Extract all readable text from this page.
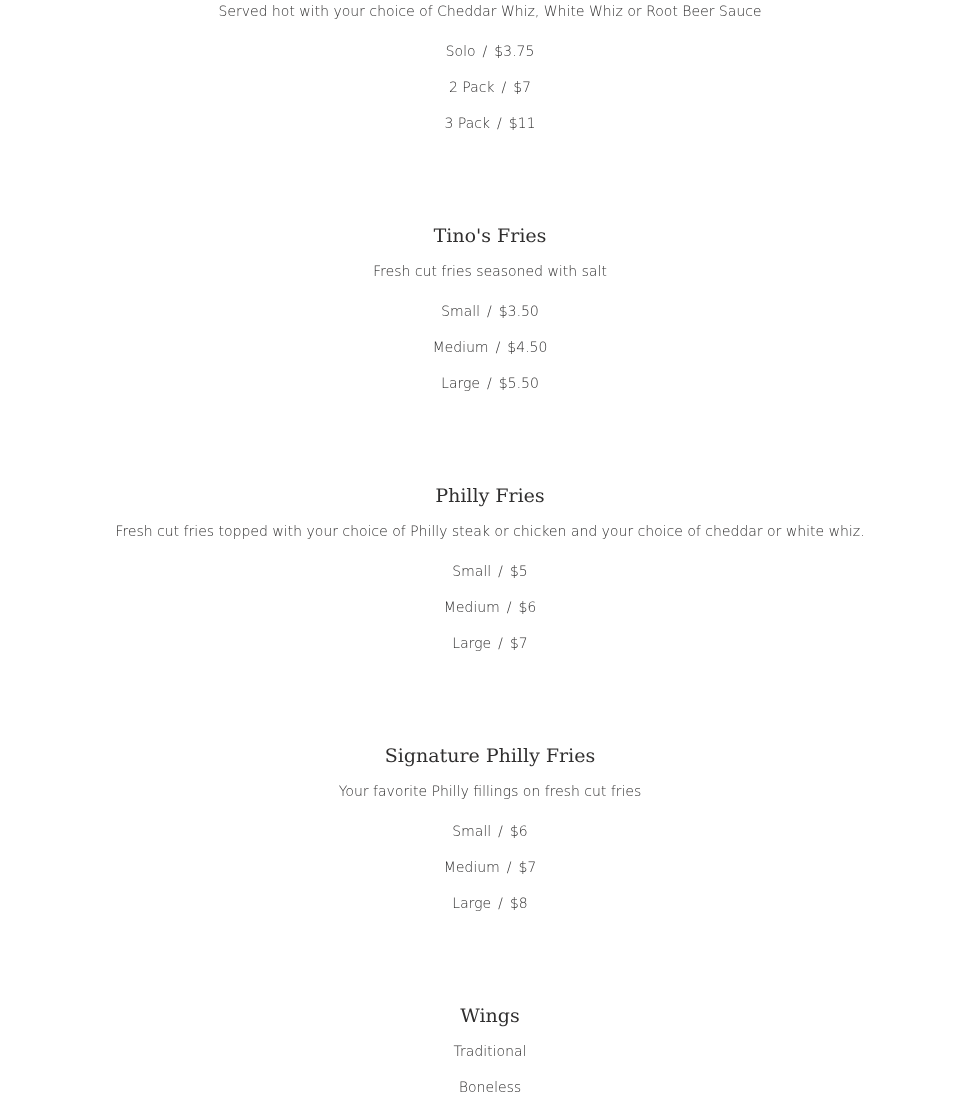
Served hot with your choice of Cheddar Whiz, White Whiz or Root Beer Sauce
Solo / $3.75
2 Pack / $7
3 Pack / $11
Tino's Fries
Fresh cut fries seasoned with salt
Small / $3.50
Medium / $4.50
Large / $5.50
Philly Fries
Fresh cut fries topped with your choice of Philly steak or chicken and your choice of cheddar or white whiz.
Small / $5
Medium / $6
Large / $7
Signature Philly Fries
Your favorite Philly fillings on fresh cut fries
Small / $6
Medium / $7
Large / $8
Wings
Traditional
Boneless
